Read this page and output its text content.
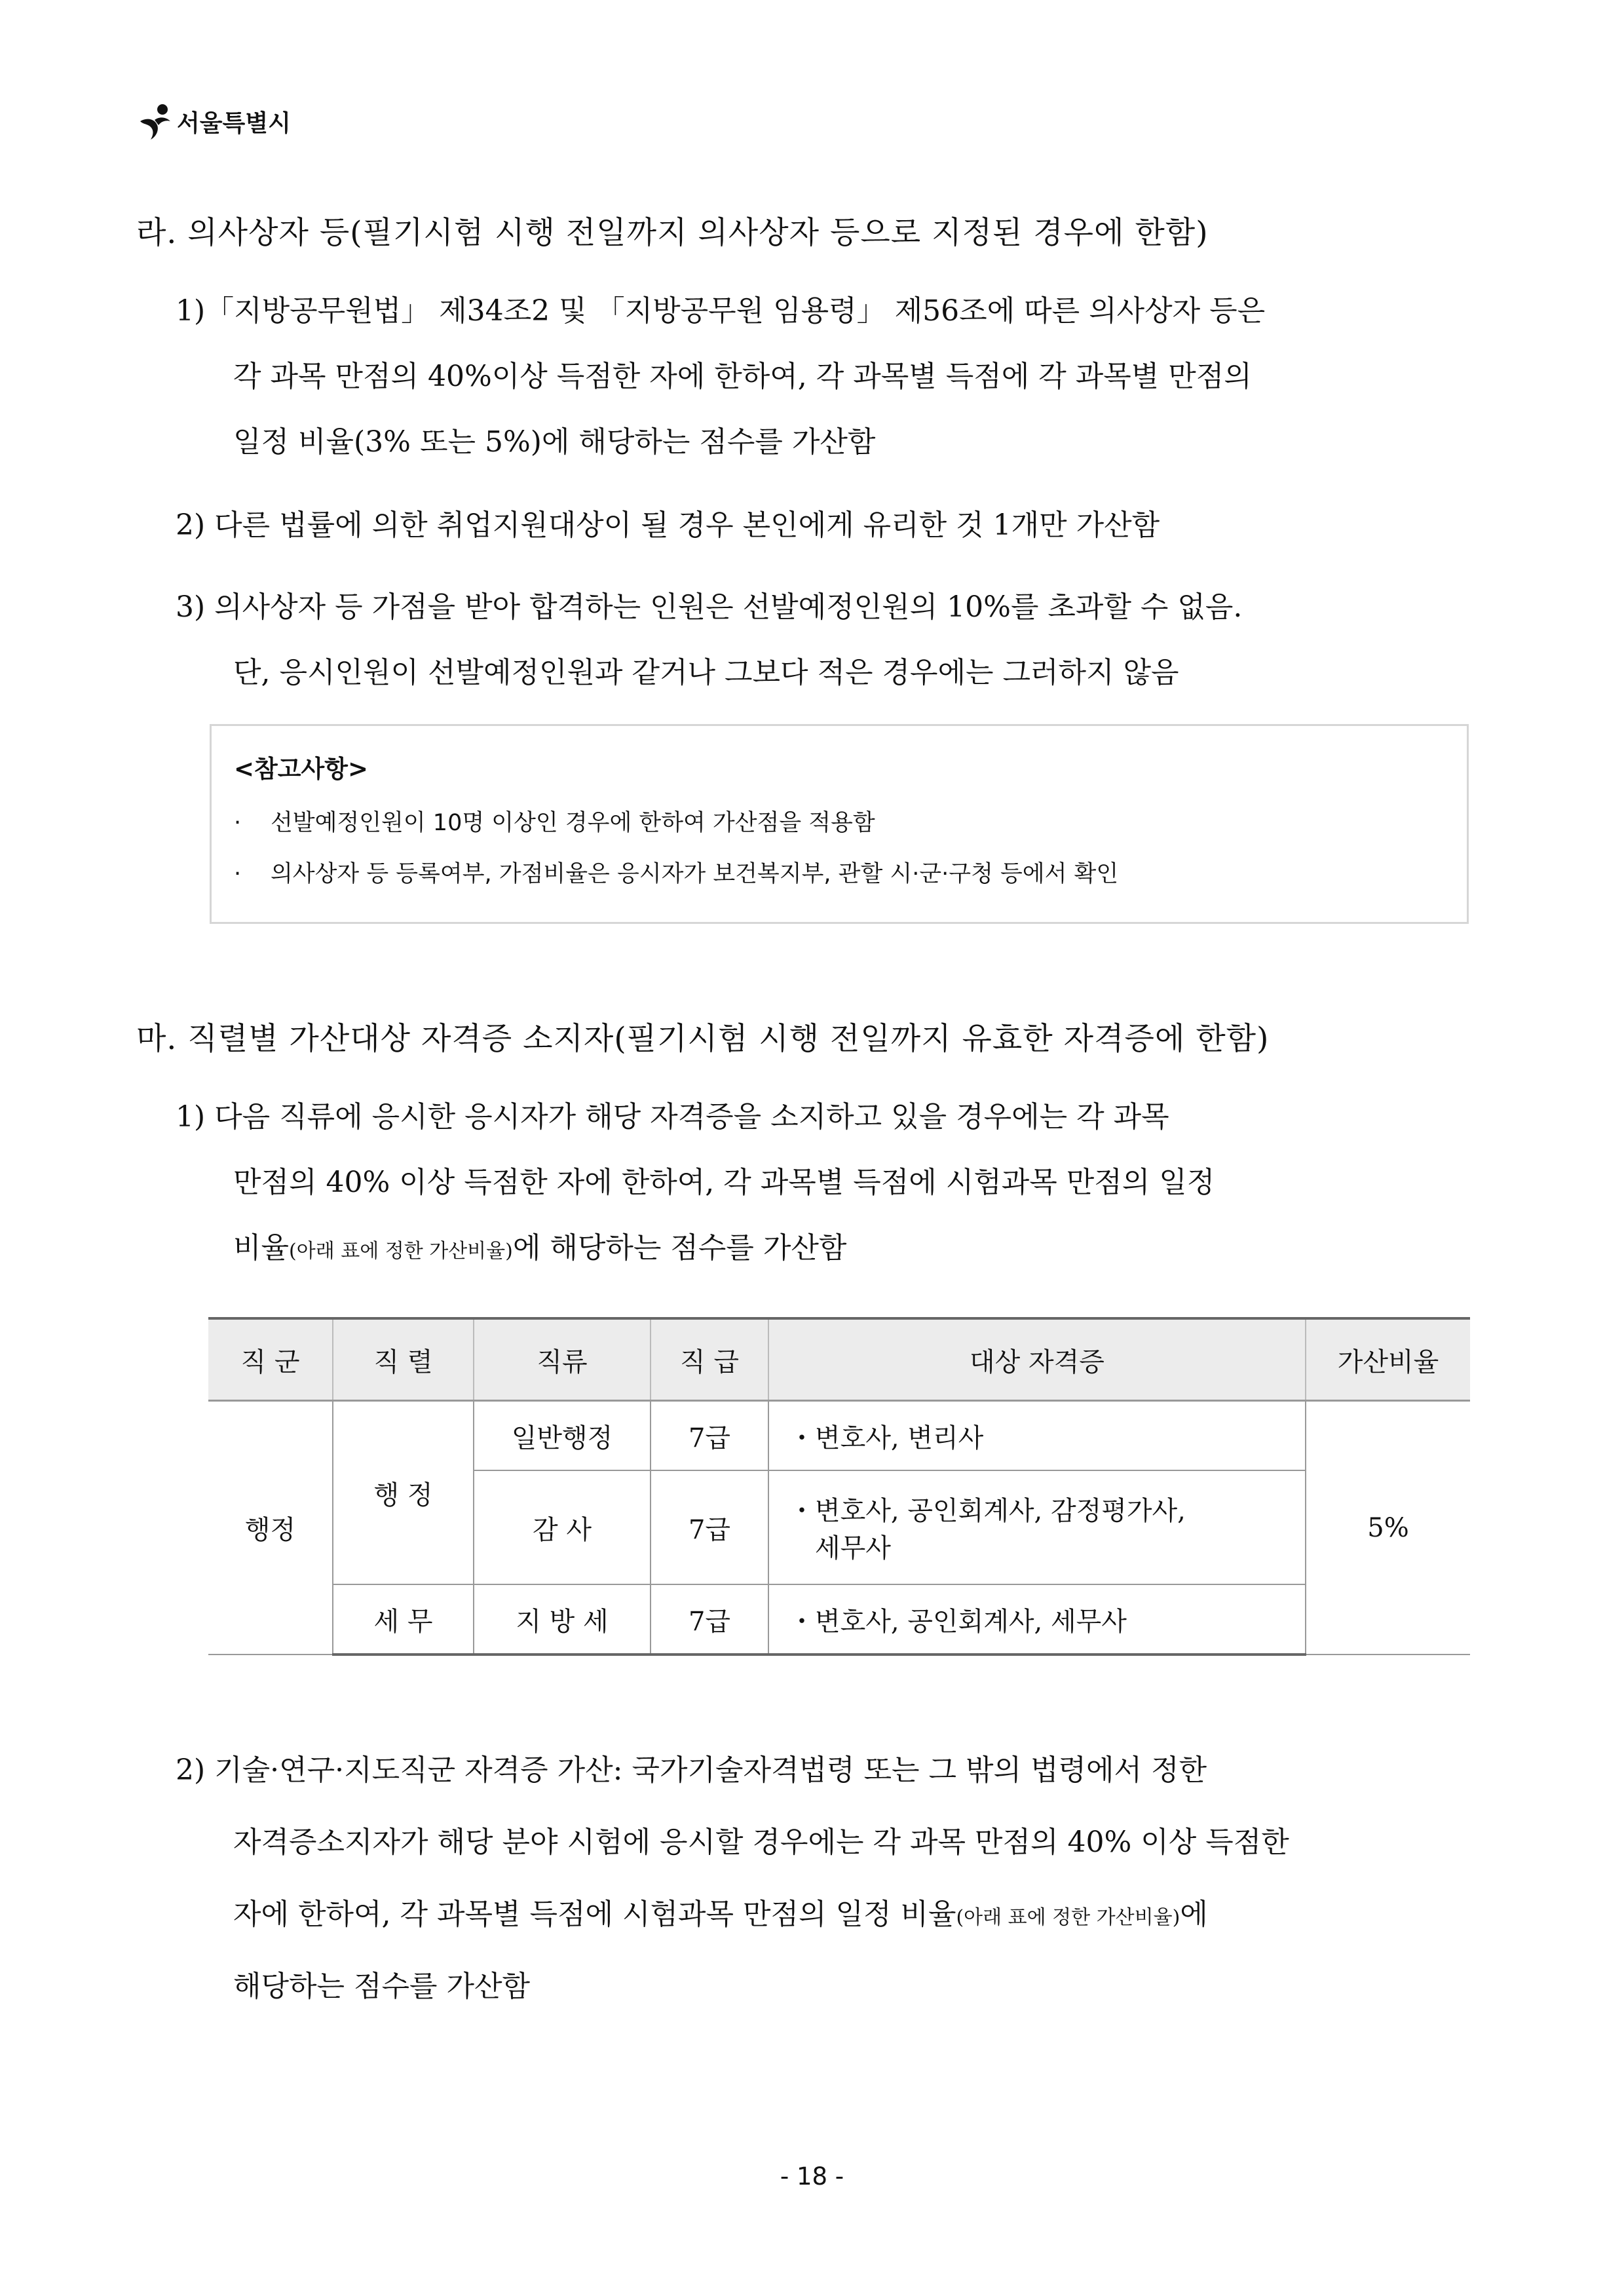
서울특별시
라. 의사상자 등(필기시험 시행 전일까지 의사상자 등으로 지정된 경우에 한함)
1)「지방공무원법」 제34조2 및 「지방공무원 임용령」 제56조에 따른 의사상자 등은
각 과목 만점의 40%이상 득점한 자에 한하여, 각 과목별 득점에 각 과목별 만점의
일정 비율(3% 또는 5%)에 해당하는 점수를 가산함
2) 다른 법률에 의한 취업지원대상이 될 경우 본인에게 유리한 것 1개만 가산함
3) 의사상자 등 가점을 받아 합격하는 인원은 선발예정인원의 10%를 초과할 수 없음.
단, 응시인원이 선발예정인원과 같거나 그보다 적은 경우에는 그러하지 않음
<참고사항>
· 선발예정인원이 10명 이상인 경우에 한하여 가산점을 적용함
· 의사상자 등 등록여부, 가점비율은 응시자가 보건복지부, 관할 시·군·구청 등에서 확인
마. 직렬별 가산대상 자격증 소지자(필기시험 시행 전일까지 유효한 자격증에 한함)
1) 다음 직류에 응시한 응시자가 해당 자격증을 소지하고 있을 경우에는 각 과목
만점의 40% 이상 득점한 자에 한하여, 각 과목별 득점에 시험과목 만점의 일정
비율(아래 표에 정한 가산비율)에 해당하는 점수를 가산함
직 군	직 렬	직류	직 급	대상 자격증	가산비율
행정	행 정	일반행정	7급	・변호사, 변리사	5%
		감 사	7급	・변호사, 공인회계사, 감정평가사,
세무사	

	세 무	지 방 세	7급	・변호사, 공인회계사, 세무사	
2) 기술·연구·지도직군 자격증 가산: 국가기술자격법령 또는 그 밖의 법령에서 정한
자격증소지자가 해당 분야 시험에 응시할 경우에는 각 과목 만점의 40% 이상 득점한
자에 한하여, 각 과목별 득점에 시험과목 만점의 일정 비율(아래 표에 정한 가산비율)에
해당하는 점수를 가산함
- 18 -
